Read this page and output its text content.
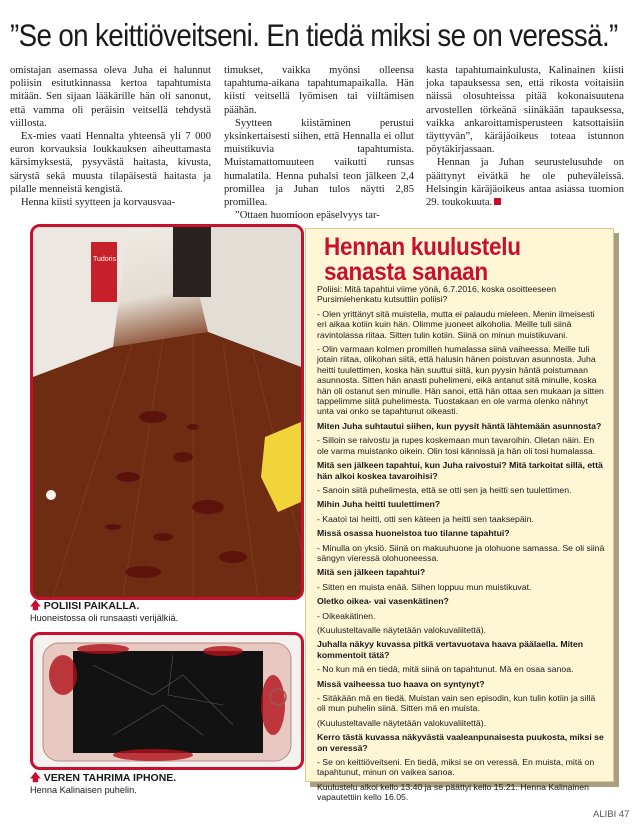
”Se on keittiöveitseni. En tiedä miksi se on veressä.”

omistajan asemassa oleva Juha ei halunnut poliisin esitutkinnassa kertoa tapahtumista mitään. Sen sijaan lääkärille hän oli sanonut, että vamma oli peräisin veitsellä tehdystä viillosta.

Ex-mies vaati Hennalta yhteensä yli 7 000 euron korvauksia loukkauksen aiheuttamasta kärsimyksestä, pysyvästä haitasta, kivusta, särystä sekä muusta tilapäisestä haitasta ja pilalle menneistä kengistä.

Henna kiisti syytteen ja korvausvaa-

timukset, vaikka myönsi olleensa tapahtuma-aikana tapahtumapaikalla. Hän kiisti veitsellä lyömisen tai viiltämisen päähän.

Syytteen kiistäminen perustui yksinkertaisesti siihen, että Hennalla ei ollut muistikuvia tapahtumista. Muistamattomuuteen vaikutti runsas humalatila. Henna puhalsi teon jälkeen 2,4 promillea ja Juhan tulos näytti 2,85 promillea.

”Ottaen huomioon epäselvyys tar-

kasta tapahtumainkulusta, Kalinainen kiisti joka tapauksessa sen, että rikosta voitaisiin näissä olosuhteissa pitää kokonaisuutena arvostellen törkeänä siinäkään tapauksessa, vaikka ankaroittamisperusteen katsottaisiin täyttyvän”, käräjäoikeus toteaa istunnon pöytäkirjassaan.

Hennan ja Juhan seurustelusuhde on päättynyt eivätkä he ole puheväleissä. Helsingin käräjäoikeus antaa asiassa tuomion 29. toukokuuta.

Tudoris
🡅 POLIISI PAIKALLA.
Huoneistossa oli runsaasti verijälkiä.
🡅 VEREN TAHRIMA IPHONE.
Henna Kalinaisen puhelin.
Hennan kuulustelu sanasta sanaan

Poliisi: Mitä tapahtui viime yönä, 6.7.2016, koska osoitteeseen Pursimiehenkatu kutsuttiin poliisi?

- Olen yrittänyt sitä muistella, mutta ei palaudu mieleen. Menin ilmeisesti eri aikaa kotiin kuin hän. Olimme juoneet alkoholia. Meille tuli siinä ravintolassa riitaa. Sitten tulin kotiin. Siinä on minun muistikuvani.

- Olin varmaan kolmen promillen humalassa siinä vaiheessa. Meille tuli jotain riitaa, olikohan siitä, että halusin hänen poistuvan asunnosta. Juha heitti tuulettimen, koska hän suuttui siitä, kun pyysin häntä poistumaan asunnosta. Sitten hän anasti puhelimeni, eikä antanut sitä minulle, koska hän oli ostanut sen minulle. Hän sanoi, että hän ottaa sen mukaan ja sitten tappelimme siitä puhelimesta. Tuostakaan en ole varma olenko nähnyt unta vai onko se tapahtunut oikeasti.

Miten Juha suhtautui siihen, kun pyysit häntä lähtemään asunnosta?

- Silloin se raivostu ja rupes koskemaan mun tavaroihin. Oletan näin. En ole varma muistanko oikein. Olin tosi kännissä ja hän oli tosi humalassa.

Mitä sen jälkeen tapahtui, kun Juha raivostui? Mitä tarkoitat sillä, että hän alkoi koskea tavaroihisi?

- Sanoin siitä puhelimesta, että se otti sen ja heitti sen tuulettimen.

Mihin Juha heitti tuulettimen?

- Kaatoi tai heitti, otti sen käteen ja heitti sen taaksepäin.

Missä osassa huoneistoa tuo tilanne tapahtui?

- Minulla on yksiö. Siinä on makuuhuone ja olohuone samassa. Se oli siinä sängyn vieressä olohuoneessa.

Mitä sen jälkeen tapahtui?

- Sitten en muista enää. Siihen loppuu mun muistikuvat.

Oletko oikea- vai vasenkätinen?

- Oikeakätinen.

(Kuulusteltavalle näytetään valokuvaliitettä).

Juhalla näkyy kuvassa pitkä vertavuotava haava päälaella. Miten kommentoit tätä?

- No kun mä en tiedä, mitä siinä on tapahtunut. Mä en osaa sanoa.

Missä vaiheessa tuo haava on syntynyt?

- Sitäkään mä en tiedä. Muistan vain sen episodin, kun tulin kotiin ja sillä oli mun puhelin siinä. Sitten mä en muista.

(Kuulusteltavalle näytetään valokuvaliitettä).

Kerro tästä kuvassa näkyvästä vaaleanpunaisesta puukosta, miksi se on veressä?

- Se on keittiöveitseni. En tiedä, miksi se on veressä. En muista, mitä on tapahtunut, minun on vaikea sanoa.

Kuulustelu alkoi kello 13.40 ja se päättyi kello 15.21. Henna Kalinainen vapautettiin kello 16.05.

ALIBI 47
